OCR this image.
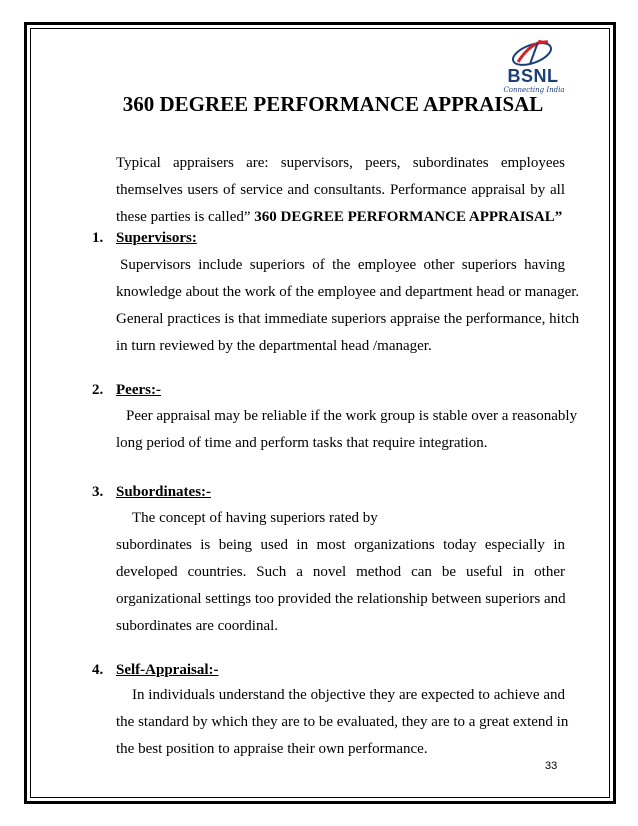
BSNL
Connecting India
360 DEGREE PERFORMANCE APPRAISAL
Typical appraisers are: supervisors, peers, subordinates employees
themselves users of service and consultants. Performance appraisal by all
these parties is called” 360 DEGREE PERFORMANCE APPRAISAL”
1. Supervisors:
Supervisors include superiors of the employee other superiors having
knowledge about the work of the employee and department head or manager.
General practices is that immediate superiors appraise the performance, hitch
in turn reviewed by the departmental head /manager.
2. Peers:-
Peer appraisal may be reliable if the work group is stable over a reasonably
long period of time and perform tasks that require integration.
3. Subordinates:-
The concept of having superiors rated by
subordinates is being used in most organizations today especially in
developed countries. Such a novel method can be useful in other
organizational settings too provided the relationship between superiors and
subordinates are coordinal.
4. Self-Appraisal:-
In individuals understand the objective they are expected to achieve and
the standard by which they are to be evaluated, they are to a great extend in
the best position to appraise their own performance.
33
